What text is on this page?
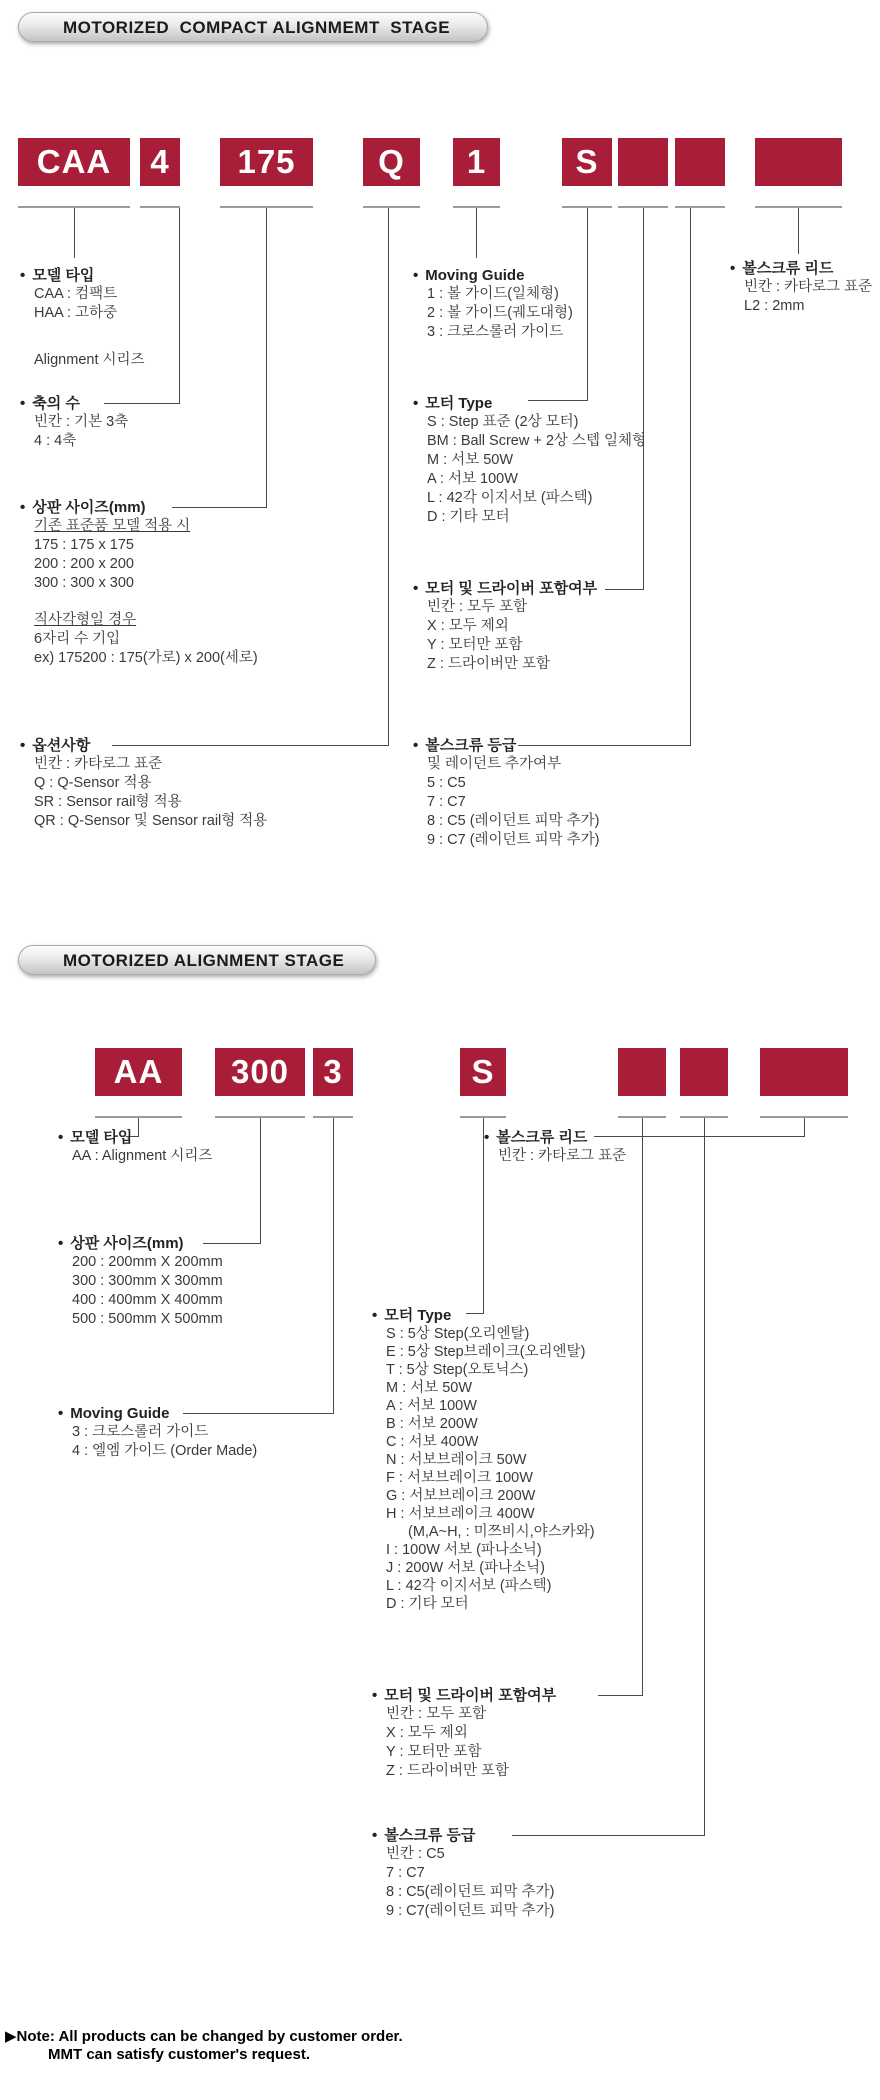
MOTORIZED  COMPACT ALIGNMEMT  STAGE
CAA	4	175	Q	1	S
• 모델 타입
CAA : 컴팩트
HAA : 고하중
Alignment 시리즈
• 축의 수
빈칸 : 기본 3축
4 : 4축
• 상판 사이즈(mm)
기존 표준품 모델 적용 시
175 : 175 x 175
200 : 200 x 200
300 : 300 x 300
직사각형일 경우
6자리 수 기입
ex) 175200 : 175(가로) x 200(세로)
• 옵션사항
빈칸 : 카타로그 표준
Q : Q-Sensor 적용
SR : Sensor rail형 적용
QR : Q-Sensor 및 Sensor rail형 적용
• Moving Guide
1 : 볼 가이드(일체형)
2 : 볼 가이드(궤도대형)
3 : 크로스롤러 가이드
• 모터 Type
S : Step 표준 (2상 모터)
BM : Ball Screw + 2상 스텝 일체형
M : 서보 50W
A : 서보 100W
L : 42각 이지서보 (파스텍)
D : 기타 모터
• 모터 및 드라이버 포함여부
빈칸 : 모두 포함
X : 모두 제외
Y : 모터만 포함
Z : 드라이버만 포함
• 볼스크류 등급
및 레이던트 추가여부
5 : C5
7 : C7
8 : C5 (레이던트 피막 추가)
9 : C7 (레이던트 피막 추가)
• 볼스크류 리드
빈칸 : 카타로그 표준
L2 : 2mm
MOTORIZED ALIGNMENT STAGE
AA	300	3	S
• 모델 타입
AA : Alignment 시리즈
• 상판 사이즈(mm)
200 : 200mm X 200mm
300 : 300mm X 300mm
400 : 400mm X 400mm
500 : 500mm X 500mm
• Moving Guide
3 : 크로스롤러 가이드
4 : 엘엠 가이드 (Order Made)
• 모터 Type
S : 5상 Step(오리엔탈)
E : 5상 Step브레이크(오리엔탈)
T : 5상 Step(오토닉스)
M : 서보 50W
A : 서보 100W
B : 서보 200W
C : 서보 400W
N : 서보브레이크 50W
F : 서보브레이크 100W
G : 서보브레이크 200W
H : 서보브레이크 400W
(M,A~H, : 미쯔비시,야스카와)
I : 100W 서보 (파나소닉)
J : 200W 서보 (파나소닉)
L : 42각 이지서보 (파스텍)
D : 기타 모터
• 모터 및 드라이버 포함여부
빈칸 : 모두 포함
X : 모두 제외
Y : 모터만 포함
Z : 드라이버만 포함
• 볼스크류 등급
빈칸 : C5
7 : C7
8 : C5(레이던트 피막 추가)
9 : C7(레이던트 피막 추가)
• 볼스크류 리드
빈칸 : 카타로그 표준
▶Note: All products can be changed by customer order.
MMT can satisfy customer's request.
